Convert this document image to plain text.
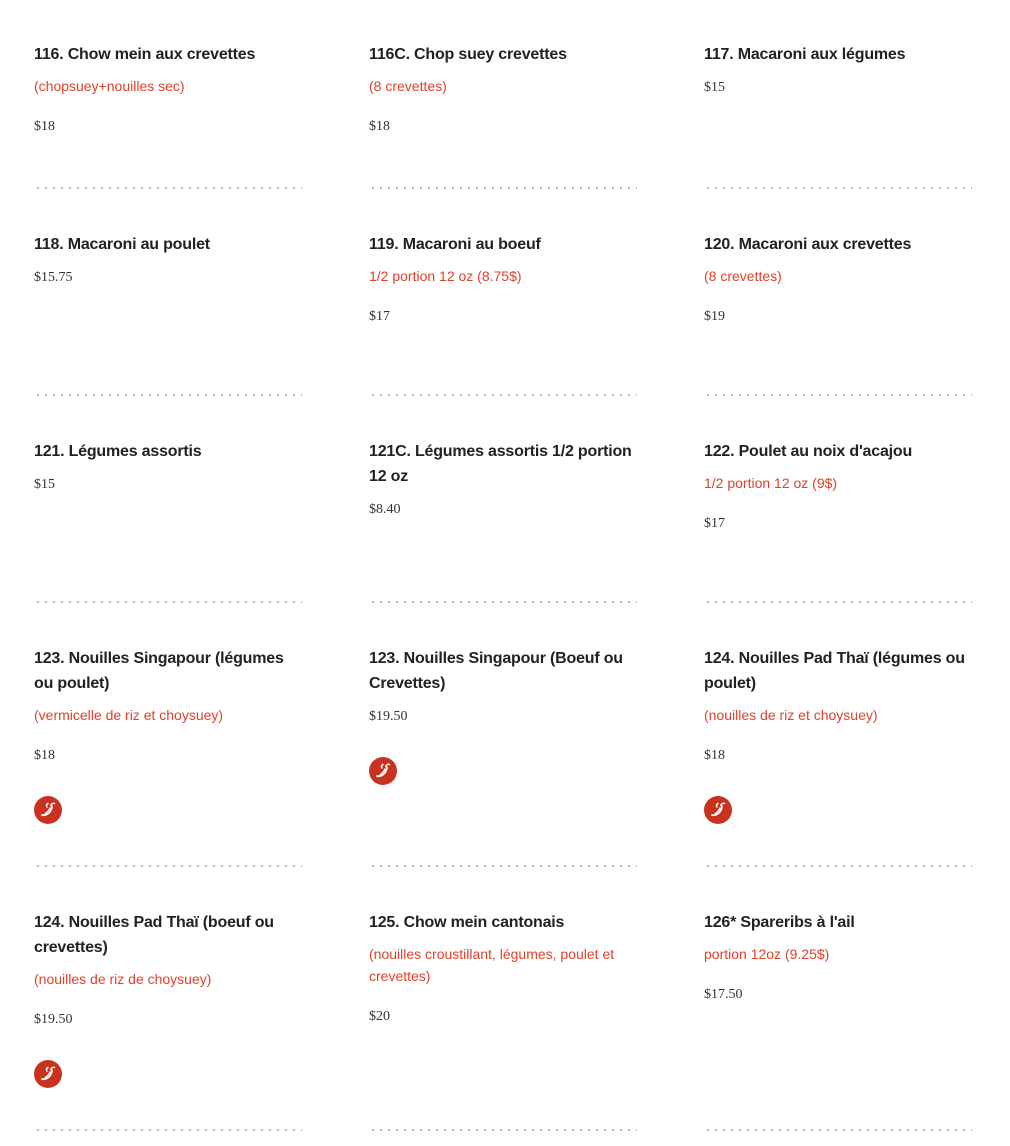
116. Chow mein aux crevettes
(chopsuey+nouilles sec)
$18
116C. Chop suey crevettes
(8 crevettes)
$18
117. Macaroni aux légumes
$15
118. Macaroni au poulet
$15.75
119. Macaroni au boeuf
1/2 portion 12 oz (8.75$)
$17
120. Macaroni aux crevettes
(8 crevettes)
$19
121. Légumes assortis
$15
121C. Légumes assortis 1/2 portion 12 oz
$8.40
122. Poulet au noix d'acajou
1/2 portion 12 oz (9$)
$17
123. Nouilles Singapour (légumes ou poulet)
(vermicelle de riz et choysuey)
$18
123. Nouilles Singapour (Boeuf ou Crevettes)
$19.50
124. Nouilles Pad Thaï (légumes ou poulet)
(nouilles de riz et choysuey)
$18
124. Nouilles Pad Thaï (boeuf ou crevettes)
(nouilles de riz de choysuey)
$19.50
125. Chow mein cantonais
(nouilles croustillant, légumes, poulet et crevettes)
$20
126* Spareribs à l'ail
portion 12oz (9.25$)
$17.50
